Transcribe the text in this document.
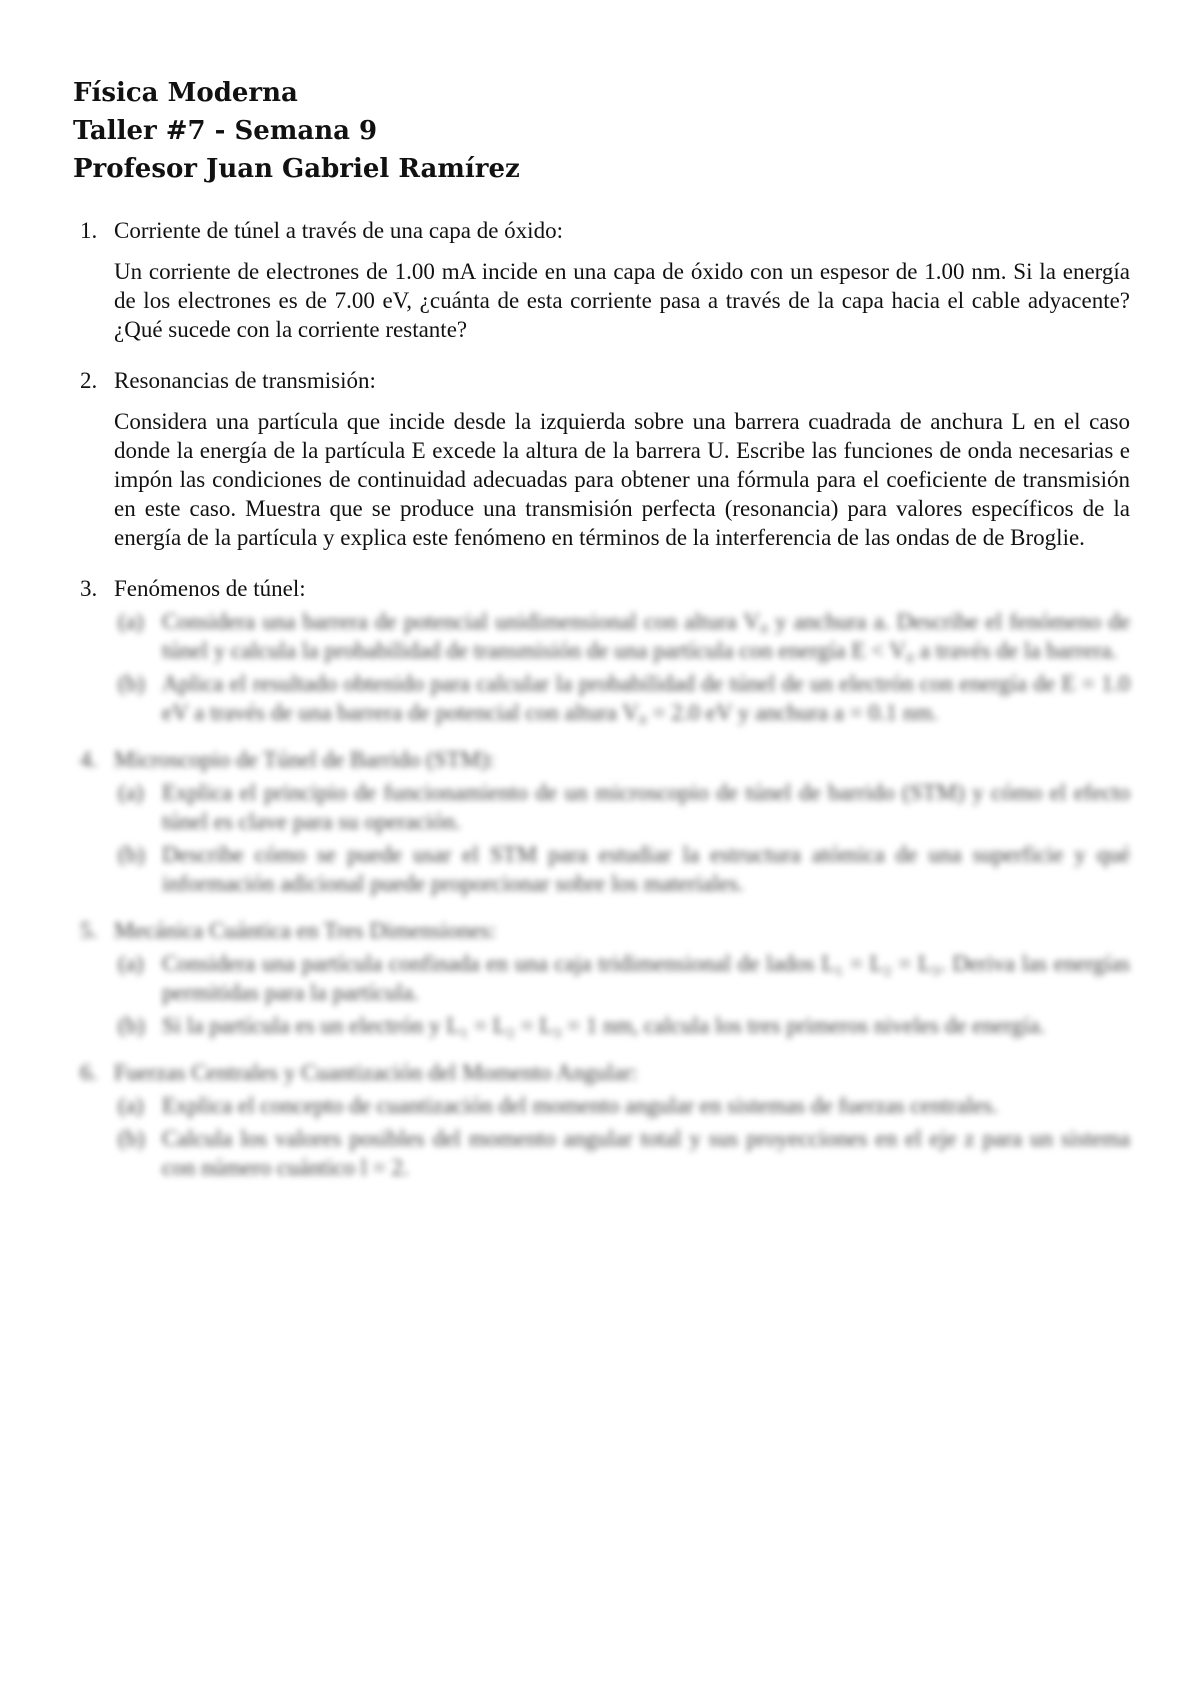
Física Moderna
Taller #7 - Semana 9
Profesor Juan Gabriel Ramírez
1. Corriente de túnel a través de una capa de óxido:
Un corriente de electrones de 1.00 mA incide en una capa de óxido con un espesor de 1.00 nm. Si la energía de los electrones es de 7.00 eV, ¿cuánta de esta corriente pasa a través de la capa hacia el cable adyacente? ¿Qué sucede con la corriente restante?
2. Resonancias de transmisión:
Considera una partícula que incide desde la izquierda sobre una barrera cuadrada de anchura L en el caso donde la energía de la partícula E excede la altura de la barrera U. Escribe las funciones de onda necesarias e impón las condiciones de continuidad adecuadas para obtener una fórmula para el coeficiente de transmisión en este caso. Muestra que se produce una transmisión perfecta (resonancia) para valores específicos de la energía de la partícula y explica este fenómeno en términos de la interferencia de las ondas de de Broglie.
3. Fenómenos de túnel:
(a) Considera una barrera de potencial unidimensional con altura V₀ y anchura a. Describe el fenómeno de túnel y calcula la probabilidad de transmisión de una partícula con energía E < V₀ a través de la barrera.
(b) Aplica el resultado obtenido para calcular la probabilidad de túnel de un electrón con energía de E = 1.0 eV a través de una barrera de potencial con altura V₀ = 2.0 eV y anchura a = 0.1 nm.
4. Microscopio de Túnel de Barrido (STM):
(a) Explica el principio de funcionamiento de un microscopio de túnel de barrido (STM) y cómo el efecto túnel es clave para su operación.
(b) Describe cómo se puede usar el STM para estudiar la estructura atómica de una superficie y qué información adicional puede proporcionar sobre los materiales.
5. Mecánica Cuántica en Tres Dimensiones:
(a) Considera una partícula confinada en una caja tridimensional de lados L₁ = L₂ = L₃. Deriva las energías permitidas para la partícula.
(b) Si la partícula es un electrón y L₁ = L₂ = L₃ = 1 nm, calcula los tres primeros niveles de energía.
6. Fuerzas Centrales y Cuantización del Momento Angular:
(a) Explica el concepto de cuantización del momento angular en sistemas de fuerzas centrales.
(b) Calcula los valores posibles del momento angular total y sus proyecciones en el eje z para un sistema con número cuántico l = 2.
